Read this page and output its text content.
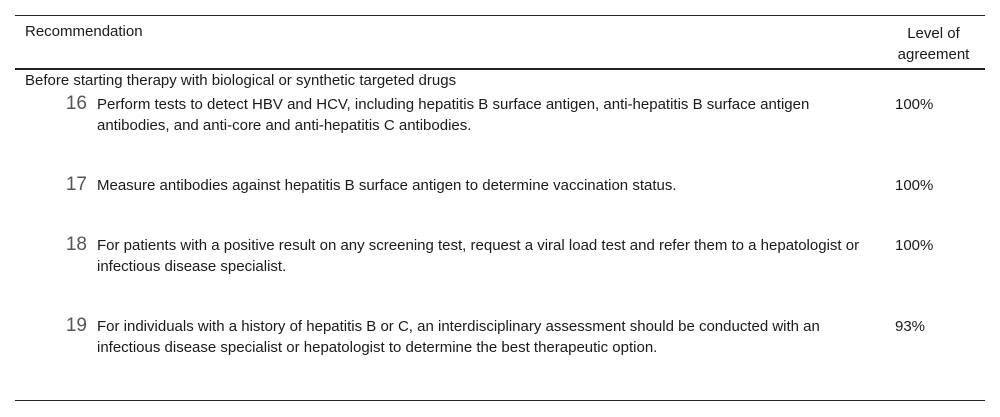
Recommendation	Level of
agreement
Before starting therapy with biological or synthetic targeted drugs
16 Perform tests to detect HBV and HCV, including hepatitis B surface antigen, anti-hepatitis B surface antigen antibodies, and anti-core and anti-hepatitis C antibodies.
100%
17 Measure antibodies against hepatitis B surface antigen to determine vaccination status.	100%
18 For patients with a positive result on any screening test, request a viral load test and refer them to a hepatologist or infectious disease specialist.
100%
19 For individuals with a history of hepatitis B or C, an interdisciplinary assessment should be conducted with an infectious disease specialist or hepatologist to determine the best therapeutic option.
93%
